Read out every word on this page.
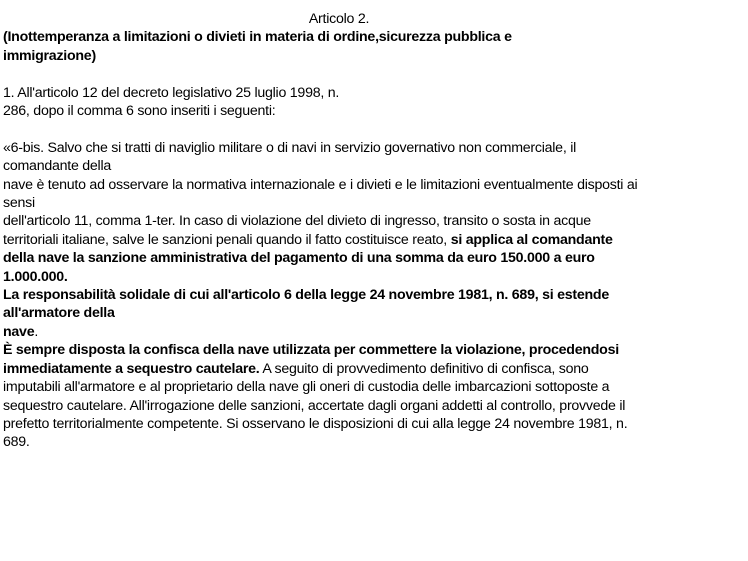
Articolo 2.
(Inottemperanza a limitazioni o divieti in materia di ordine,sicurezza pubblica e
immigrazione)
1. All'articolo 12 del decreto legislativo 25 luglio 1998, n.
286, dopo il comma 6 sono inseriti i seguenti:
«6-bis. Salvo che si tratti di naviglio militare o di navi in servizio governativo non commerciale, il
comandante della
nave è tenuto ad osservare la normativa internazionale e i divieti e le limitazioni eventualmente disposti ai
sensi
dell'articolo 11, comma 1-ter. In caso di violazione del divieto di ingresso, transito o sosta in acque
territoriali italiane, salve le sanzioni penali quando il fatto costituisce reato, si applica al comandante
della nave la sanzione amministrativa del pagamento di una somma da euro 150.000 a euro
1.000.000.
La responsabilità solidale di cui all'articolo 6 della legge 24 novembre 1981, n. 689, si estende
all'armatore della
nave.
È sempre disposta la confisca della nave utilizzata per commettere la violazione, procedendosi
immediatamente a sequestro cautelare. A seguito di provvedimento definitivo di confisca, sono
imputabili all'armatore e al proprietario della nave gli oneri di custodia delle imbarcazioni sottoposte a
sequestro cautelare. All'irrogazione delle sanzioni, accertate dagli organi addetti al controllo, provvede il
prefetto territorialmente competente. Si osservano le disposizioni di cui alla legge 24 novembre 1981, n.
689.
